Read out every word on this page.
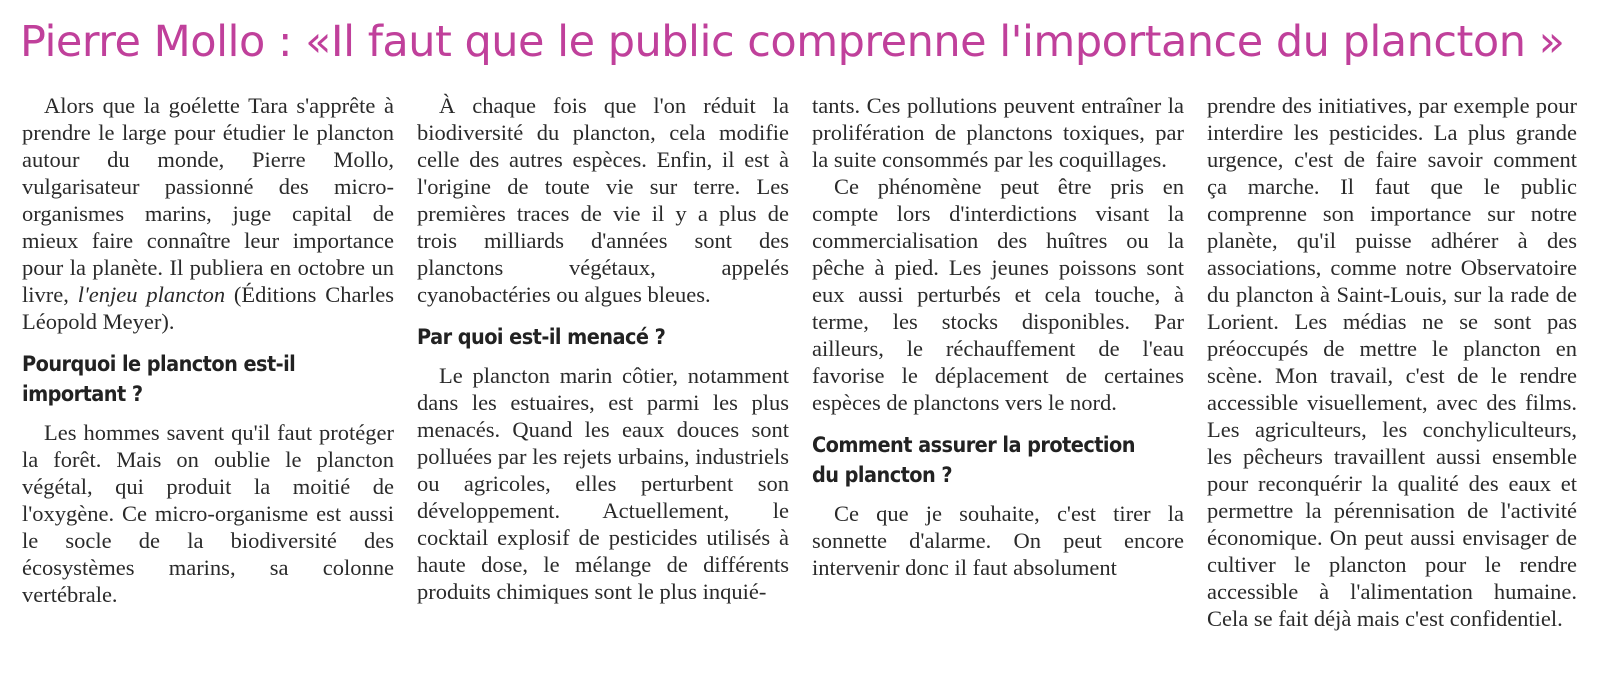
Pierre Mollo : «Il faut que le public comprenne l'importance du plancton »

Alors que la goélette Tara s'apprête à prendre le large pour étudier le plancton autour du monde, Pierre Mollo, vulgarisateur passionné des micro-organismes marins, juge capital de mieux faire connaître leur importance pour la planète. Il publiera en octobre un livre, l'enjeu plancton (Éditions Charles Léopold Meyer).

Pourquoi le plancton est-il important ?

Les hommes savent qu'il faut protéger la forêt. Mais on oublie le plancton végétal, qui produit la moitié de l'oxygène. Ce micro-organisme est aussi le socle de la biodiversité des écosystèmes marins, sa colonne vertébrale.

À chaque fois que l'on réduit la biodiversité du plancton, cela modifie celle des autres espèces. Enfin, il est à l'origine de toute vie sur terre. Les premières traces de vie il y a plus de trois milliards d'années sont des planctons végétaux, appelés cyanobactéries ou algues bleues.

Par quoi est-il menacé ?

Le plancton marin côtier, notamment dans les estuaires, est parmi les plus menacés. Quand les eaux douces sont polluées par les rejets urbains, industriels ou agricoles, elles perturbent son développement. Actuellement, le cocktail explosif de pesticides utilisés à haute dose, le mélange de différents produits chimiques sont le plus inquié-

tants. Ces pollutions peuvent entraîner la prolifération de planctons toxiques, par la suite consommés par les coquillages.

Ce phénomène peut être pris en compte lors d'interdictions visant la commercialisation des huîtres ou la pêche à pied. Les jeunes poissons sont eux aussi perturbés et cela touche, à terme, les stocks disponibles. Par ailleurs, le réchauffement de l'eau favorise le déplacement de certaines espèces de planctons vers le nord.

Comment assurer la protection du plancton ?

Ce que je souhaite, c'est tirer la sonnette d'alarme. On peut encore intervenir donc il faut absolument

prendre des initiatives, par exemple pour interdire les pesticides. La plus grande urgence, c'est de faire savoir comment ça marche. Il faut que le public comprenne son importance sur notre planète, qu'il puisse adhérer à des associations, comme notre Observatoire du plancton à Saint-Louis, sur la rade de Lorient. Les médias ne se sont pas préoccupés de mettre le plancton en scène. Mon travail, c'est de le rendre accessible visuellement, avec des films. Les agriculteurs, les conchyliculteurs, les pêcheurs travaillent aussi ensemble pour reconquérir la qualité des eaux et permettre la pérennisation de l'activité économique. On peut aussi envisager de cultiver le plancton pour le rendre accessible à l'alimentation humaine. Cela se fait déjà mais c'est confidentiel.
